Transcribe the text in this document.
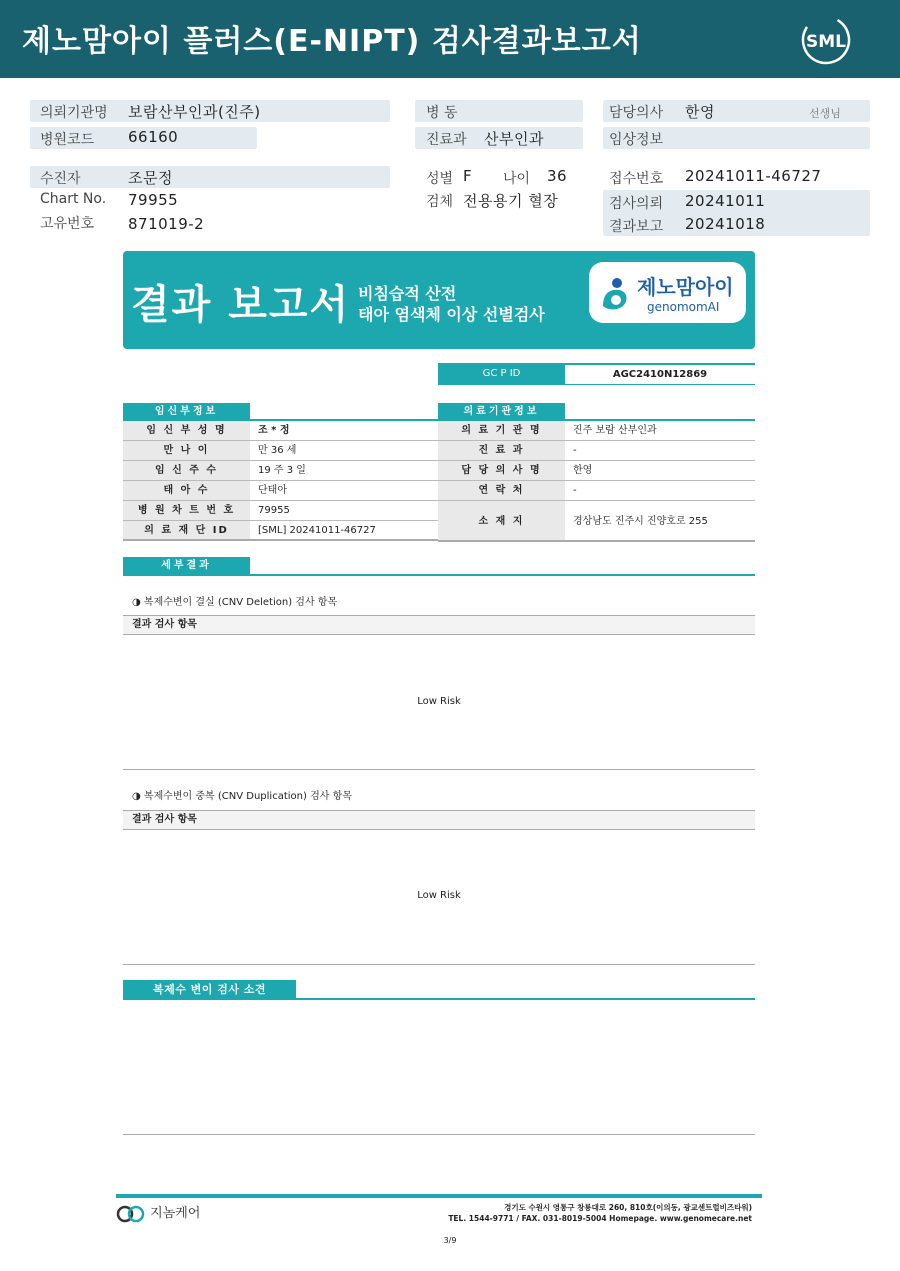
제노맘아이 플러스(E-NIPT) 검사결과보고서	SML
의뢰기관명 보람산부인과(진주)	병 동	담당의사 한영	선생님
병원코드 66160	진료과 산부인과	임상정보
수진자	조문정	성별 F 나이 36	접수번호 20241011-46727
Chart No. 79955	검체 전용용기 혈장	검사의뢰 20241011
고유번호 871019-2	결과보고 20241018
결과 보고서 비침습적 산전
태아 염색체 이상 선별검사
제노맘아이
genomomAI
GC P ID	AGC2410N12869
임신부정보
임 신 부 성 명	조 * 정
만 나 이	만 36 세
임 신 주 수	19 주 3 일
태 아 수	단태아
병 원 차 트 번 호	79955
의 료 재 단 ID	[SML] 20241011-46727
의료기관정보
의 료 기 관 명	진주 보람 산부인과
진 료 과	-
담 당 의 사 명	한영
연 락 처	-
소 재 지	경상남도 진주시 진양호로 255
세부결과
◑ 복제수변이 결실 (CNV Deletion) 검사 항목
결과 검사 항목
Low Risk
◑ 복제수변이 중복 (CNV Duplication) 검사 항목
결과 검사 항목
Low Risk
복제수 변이 검사 소견
지놈케어	경기도 수원시 영통구 창룡대로 260, 810호(이의동, 광교센트럴비즈타워)
TEL. 1544-9771 / FAX. 031-8019-5004 Homepage. www.genomecare.net
3/9
